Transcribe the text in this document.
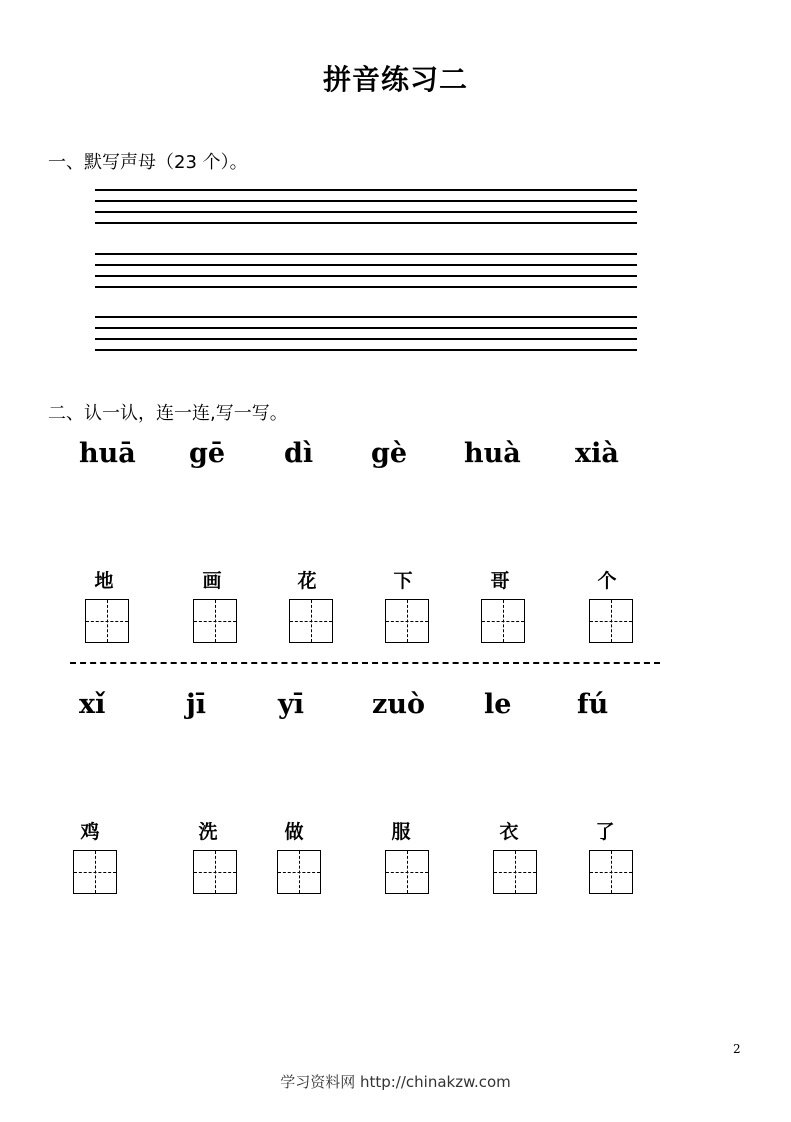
拼音练习二
一、默写声母（23 个）。
二、认一认，连一连,写一写。
huā gē dì gè huà xià
地	画	花	下	哥	个
xǐ	jī	yī	zuò le fú
鸡	洗	做	服	衣	了
2
学习资料网 http://chinakzw.com
